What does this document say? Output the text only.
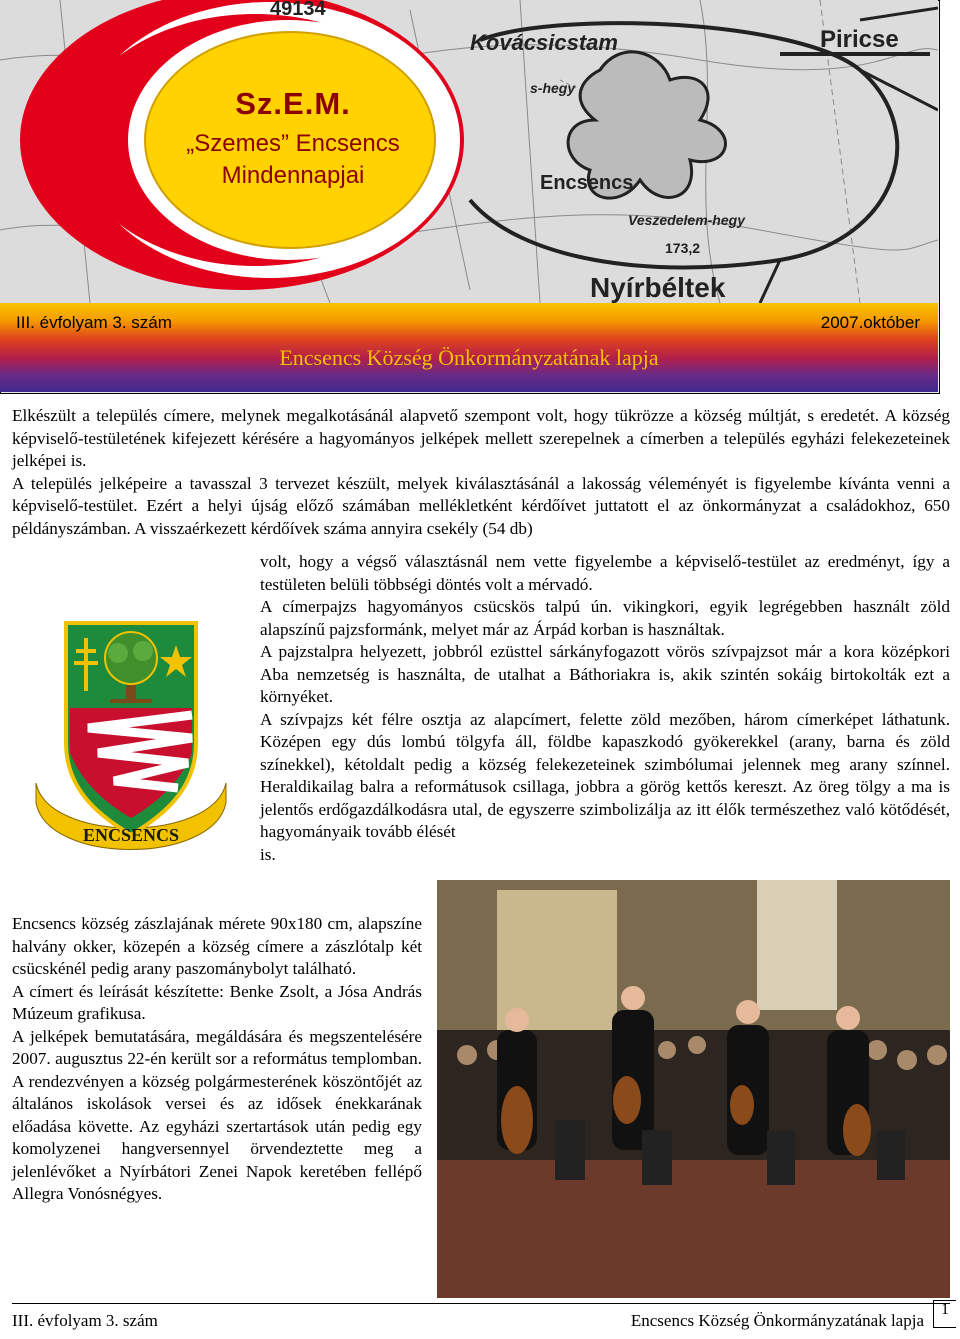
49134
Kovácsicstam	Piricse
s-hegy
Encsencs
Veszedelem-hegy
173,2
Nyírbéltek
Sz.E.M.
„Szemes” Encsencs
Mindennapjai
III. évfolyam 3. szám	2007.október
Encsencs Község Önkormányzatának lapja

Elkészült a település címere, melynek megalkotásánál alapvető szempont volt, hogy tükrözze a község múltját, s eredetét. A község képviselő-testületének kifejezett kérésére a hagyományos jelképek mellett szerepelnek a címerben a település egyházi felekezeteinek jelképei is.

A település jelképeire a tavasszal 3 tervezet készült, melyek kiválasztásánál a lakosság véleményét is figyelembe kívánta venni a képviselő-testület. Ezért a helyi újság előző számában mellékletként kérdőívet juttatott el az önkormányzat a családokhoz, 650 példányszámban. A visszaérkezett kérdőívek száma annyira csekély (54 db)

ENCSENCS

volt, hogy a végső választásnál nem vette figyelembe a képviselő-testület az eredményt, így a testületen belüli többségi döntés volt a mérvadó.

A címerpajzs hagyományos csücskös talpú ún. vikingkori, egyik legrégebben használt zöld alapszínű pajzsformánk, melyet már az Árpád korban is használtak.

A pajzstalpra helyezett, jobbról ezüsttel sárkányfogazott vörös szívpajzsot már a kora középkori Aba nemzetség is használta, de utalhat a Báthoriakra is, akik szintén sokáig birtokolták ezt a környéket.

A szívpajzs két félre osztja az alapcímert, felette zöld mezőben, három címerképet láthatunk. Középen egy dús lombú tölgyfa áll, földbe kapaszkodó gyökerekkel (arany, barna és zöld színekkel), kétoldalt pedig a község felekezeteinek szimbólumai jelennek meg arany színnel. Heraldikailag balra a reformátusok csillaga, jobbra a görög kettős kereszt. Az öreg tölgy a ma is jelentős erdőgazdálkodásra utal, de egyszerre szimbolizálja az itt élők természethez való kötődését, hagyományaik tovább élését

is.

Encsencs község zászlajának mérete 90x180 cm, alapszíne halvány okker, közepén a község címere a zászlótalp két csücskénél pedig arany paszománybolyt található.

A címert és leírását készítette: Benke Zsolt, a Jósa András Múzeum grafikusa.

A jelképek bemutatására, megáldására és megszentelésére 2007. augusztus 22-én került sor a református templomban. A rendezvényen a község polgármesterének köszöntőjét az általános iskolások versei és az idősek énekkarának előadása követte. Az egyházi szertartások után pedig egy komolyzenei hangversennyel örvendeztette meg a jelenlévőket a Nyírbátori Zenei Napok keretében fellépő Allegra Vonósnégyes.

III. évfolyam 3. szám	Encsencs Község Önkormányzatának lapja
1
